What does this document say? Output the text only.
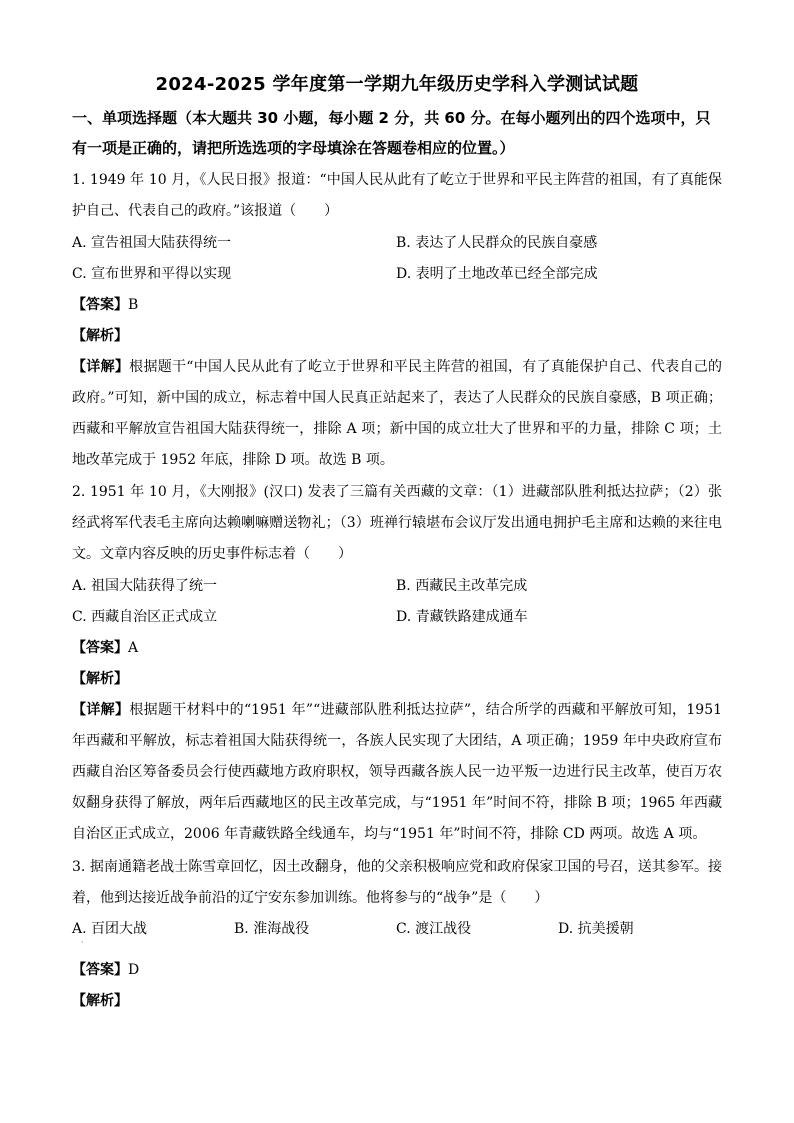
2024-2025 学年度第一学期九年级历史学科入学测试试题
一、单项选择题（本大题共 30 小题，每小题 2 分，共 60 分。在每小题列出的四个选项中，只有一项是正确的，请把所选选项的字母填涂在答题卷相应的位置。）
1. 1949 年 10 月，《人民日报》报道：“中国人民从此有了屹立于世界和平民主阵营的祖国，有了真能保护自己、代表自己的政府。”该报道（　　）
A. 宣告祖国大陆获得统一	B. 表达了人民群众的民族自豪感
C. 宣布世界和平得以实现	D. 表明了土地改革已经全部完成
【答案】B
【解析】
【详解】根据题干“中国人民从此有了屹立于世界和平民主阵营的祖国，有了真能保护自己、代表自己的政府。”可知，新中国的成立，标志着中国人民真正站起来了，表达了人民群众的民族自豪感，B 项正确；西藏和平解放宣告祖国大陆获得统一，排除 A 项；新中国的成立壮大了世界和平的力量，排除 C 项；土地改革完成于 1952 年底，排除 D 项。故选 B 项。
2. 1951 年 10 月，《大刚报》(汉口) 发表了三篇有关西藏的文章：（1）进藏部队胜利抵达拉萨；（2）张经武将军代表毛主席向达赖喇嘛赠送物礼；（3）班禅行辕堪布会议厅发出通电拥护毛主席和达赖的来往电文。文章内容反映的历史事件标志着（　　）
A. 祖国大陆获得了统一	B. 西藏民主改革完成
C. 西藏自治区正式成立	D. 青藏铁路建成通车
【答案】A
【解析】
【详解】根据题干材料中的“1951 年”“进藏部队胜利抵达拉萨”，结合所学的西藏和平解放可知，1951 年西藏和平解放，标志着祖国大陆获得统一，各族人民实现了大团结，A 项正确；1959 年中央政府宣布西藏自治区筹备委员会行使西藏地方政府职权，领导西藏各族人民一边平叛一边进行民主改革，使百万农奴翻身获得了解放，两年后西藏地区的民主改革完成，与“1951 年”时间不符，排除 B 项；1965 年西藏自治区正式成立，2006 年青藏铁路全线通车，均与“1951 年”时间不符，排除 CD 两项。故选 A 项。
3. 据南通籍老战士陈雪章回忆，因土改翻身，他的父亲积极响应党和政府保家卫国的号召，送其参军。接着，他到达接近战争前沿的辽宁安东参加训练。他将参与的“战争”是（　　）
A. 百团大战	B. 淮海战役	C. 渡江战役	D. 抗美援朝
·
【答案】D
【解析】
